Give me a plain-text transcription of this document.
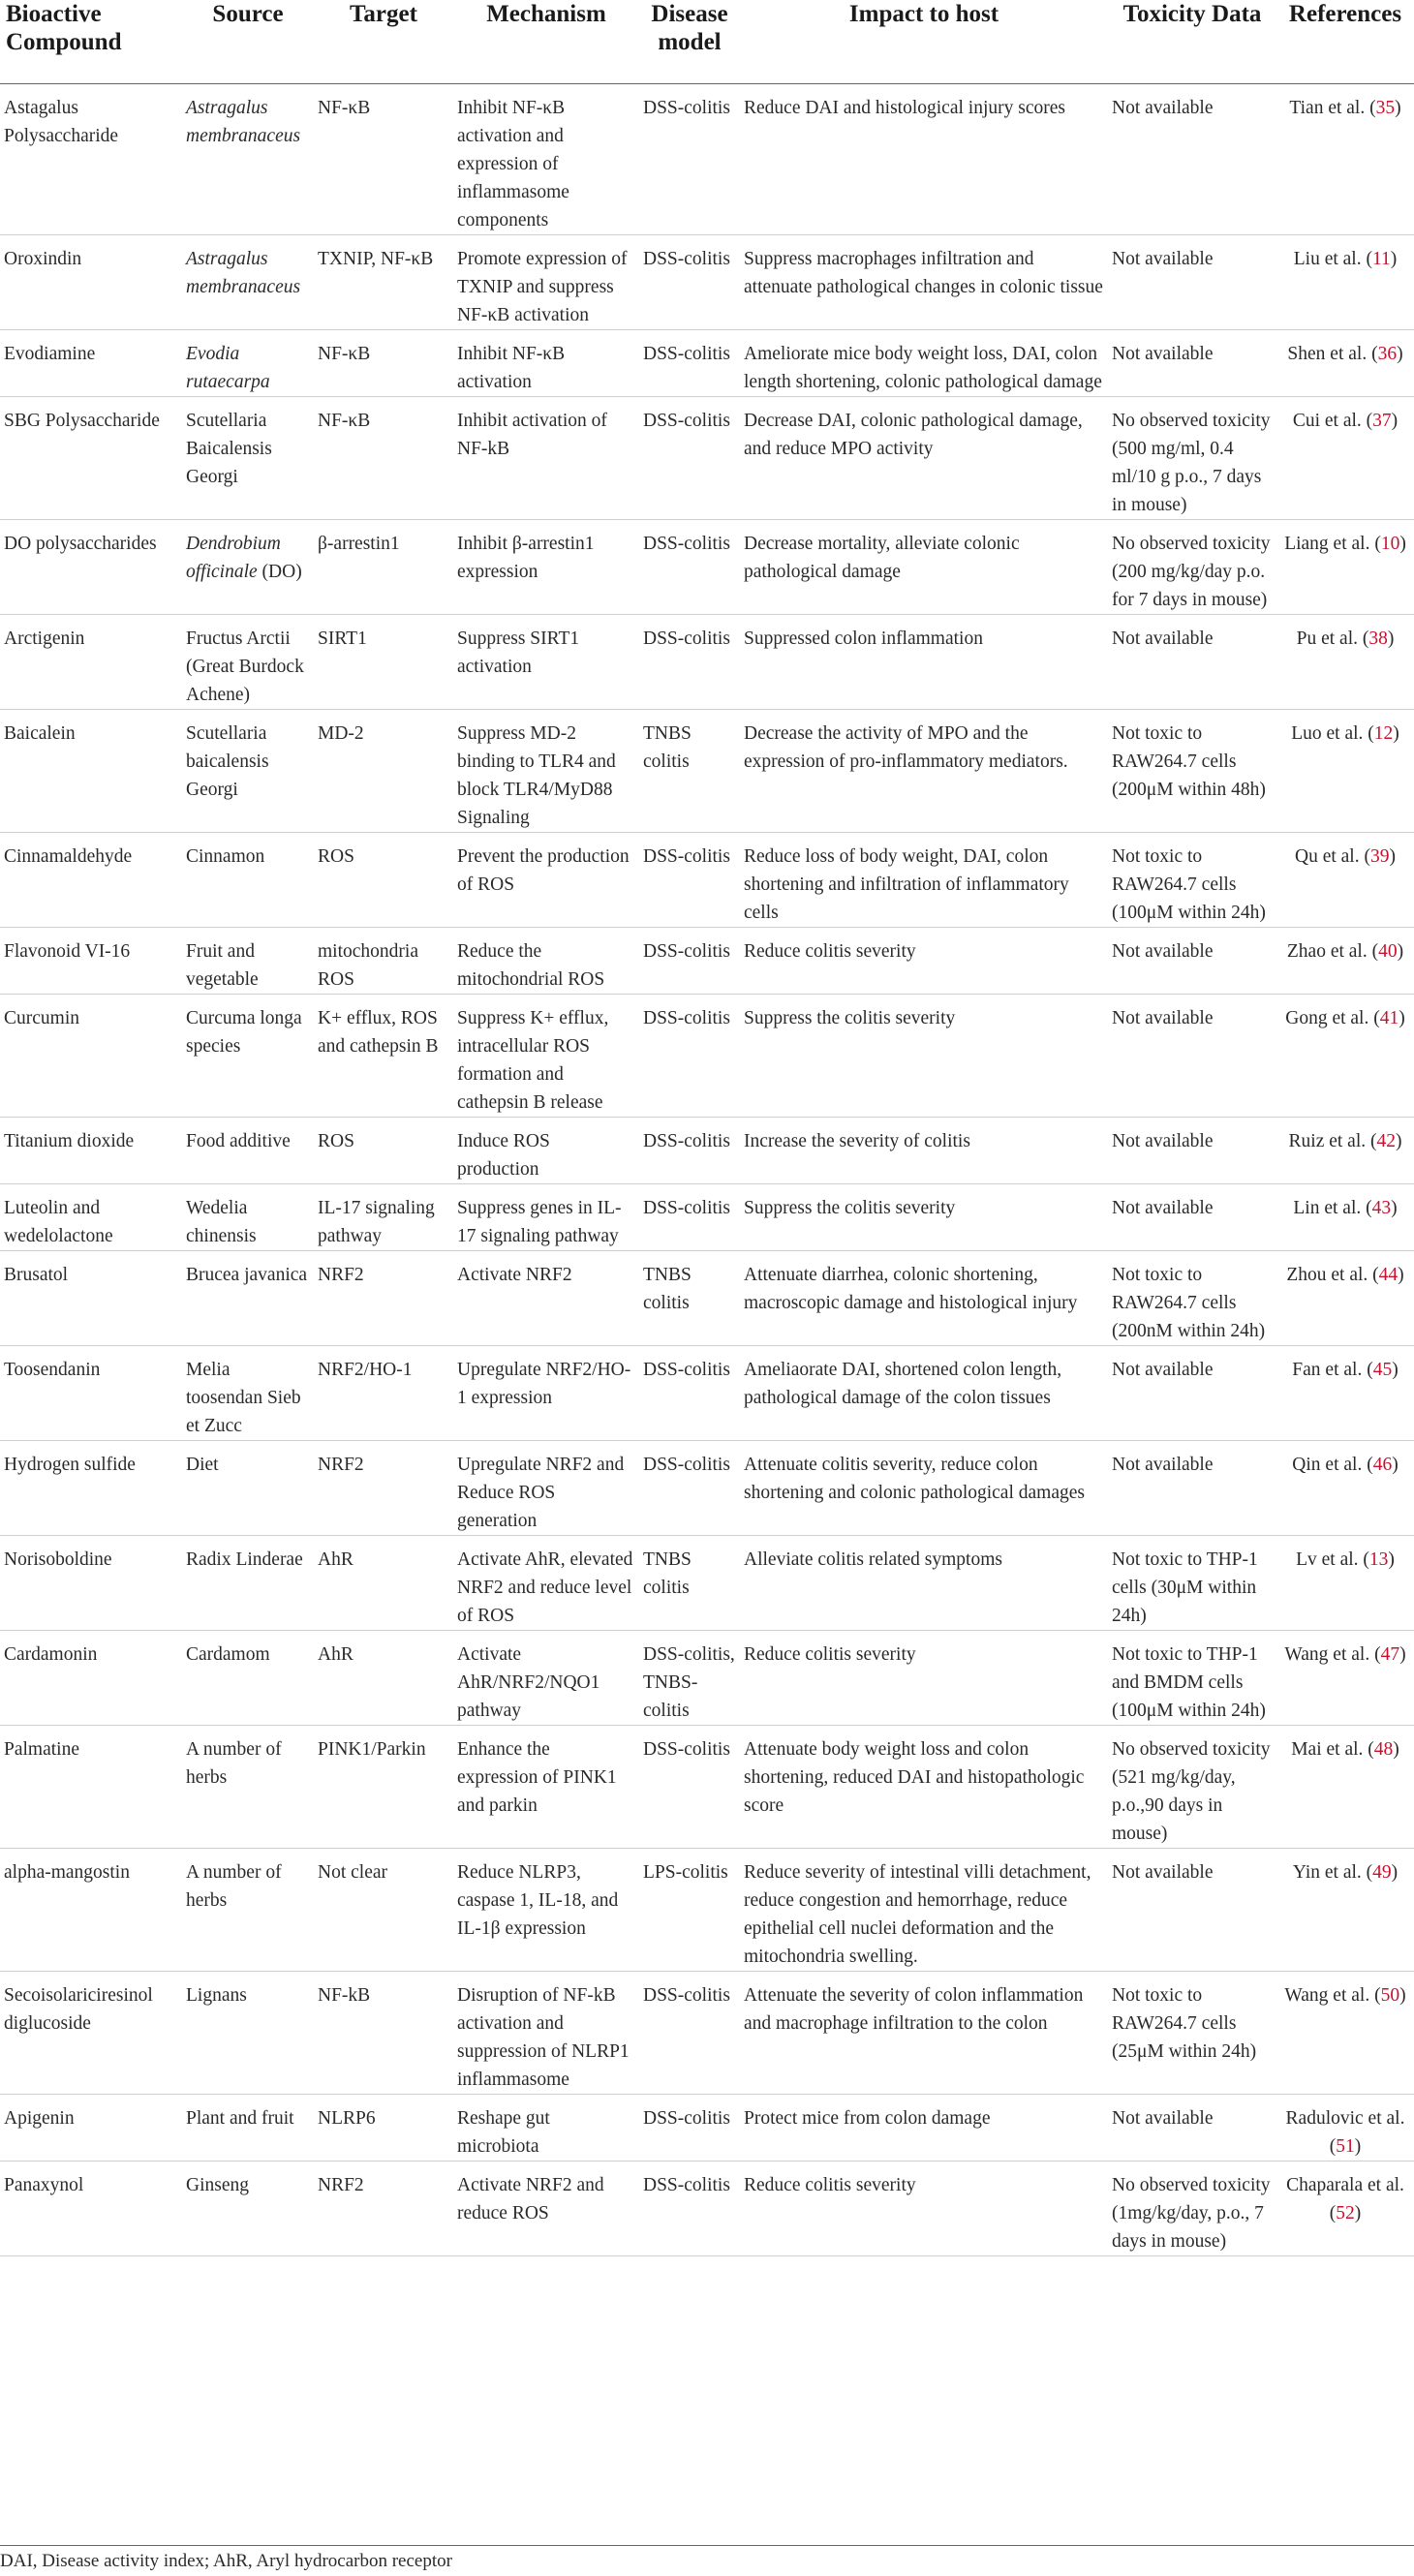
Bioactive Compound	Source	Target	Mechanism	Disease model	Impact to host	Toxicity Data	References

Astagalus Polysaccharide	Astragalus membranaceus	NF-κB	Inhibit NF-κB activation and expression of inflammasome components	DSS-colitis	Reduce DAI and histological injury scores	Not available	Tian et al. (35)

Oroxindin	Astragalus membranaceus	TXNIP, NF-κB	Promote expression of TXNIP and suppress NF-κB activation	DSS-colitis	Suppress macrophages infiltration and attenuate pathological changes in colonic tissue	Not available	Liu et al. (11)

Evodiamine	Evodia rutaecarpa	NF-κB	Inhibit NF-κB activation	DSS-colitis	Ameliorate mice body weight loss, DAI, colon length shortening, colonic pathological damage	Not available	Shen et al. (36)

SBG Polysaccharide	Scutellaria Baicalensis Georgi	NF-κB	Inhibit activation of NF-kB	DSS-colitis	Decrease DAI, colonic pathological damage, and reduce MPO activity	No observed toxicity (500 mg/ml, 0.4 ml/10 g p.o., 7 days in mouse)	Cui et al. (37)

DO polysaccharides	Dendrobium officinale (DO)	β-arrestin1	Inhibit β-arrestin1 expression	DSS-colitis	Decrease mortality, alleviate colonic pathological damage	No observed toxicity (200 mg/kg/day p.o. for 7 days in mouse)	Liang et al. (10)

Arctigenin	Fructus Arctii (Great Burdock Achene)	SIRT1	Suppress SIRT1 activation	DSS-colitis	Suppressed colon inflammation	Not available	Pu et al. (38)

Baicalein	Scutellaria baicalensis Georgi	MD-2	Suppress MD-2 binding to TLR4 and block TLR4/MyD88 Signaling	TNBS colitis	Decrease the activity of MPO and the expression of pro-inflammatory mediators.	Not toxic to RAW264.7 cells (200μM within 48h)	Luo et al. (12)

Cinnamaldehyde	Cinnamon	ROS	Prevent the production of ROS	DSS-colitis	Reduce loss of body weight, DAI, colon shortening and infiltration of inflammatory cells	Not toxic to RAW264.7 cells (100μM within 24h)	Qu et al. (39)

Flavonoid VI-16	Fruit and vegetable	mitochondria ROS	Reduce the mitochondrial ROS	DSS-colitis	Reduce colitis severity	Not available	Zhao et al. (40)

Curcumin	Curcuma longa species	K+ efflux, ROS and cathepsin B	Suppress K+ efflux, intracellular ROS formation and cathepsin B release	DSS-colitis	Suppress the colitis severity	Not available	Gong et al. (41)

Titanium dioxide	Food additive	ROS	Induce ROS production	DSS-colitis	Increase the severity of colitis	Not available	Ruiz et al. (42)

Luteolin and wedelolactone	Wedelia chinensis	IL-17 signaling pathway	Suppress genes in IL-17 signaling pathway	DSS-colitis	Suppress the colitis severity	Not available	Lin et al. (43)

Brusatol	Brucea javanica	NRF2	Activate NRF2	TNBS colitis	Attenuate diarrhea, colonic shortening, macroscopic damage and histological injury	Not toxic to RAW264.7 cells (200nM within 24h)	Zhou et al. (44)

Toosendanin	Melia toosendan Sieb et Zucc	NRF2/HO-1	Upregulate NRF2/HO-1 expression	DSS-colitis	Ameliaorate DAI, shortened colon length, pathological damage of the colon tissues	Not available	Fan et al. (45)

Hydrogen sulfide	Diet	NRF2	Upregulate NRF2 and Reduce ROS generation	DSS-colitis	Attenuate colitis severity, reduce colon shortening and colonic pathological damages	Not available	Qin et al. (46)

Norisoboldine	Radix Linderae	AhR	Activate AhR, elevated NRF2 and reduce level of ROS	TNBS colitis	Alleviate colitis related symptoms	Not toxic to THP-1 cells (30μM within 24h)	Lv et al. (13)

Cardamonin	Cardamom	AhR	Activate AhR/NRF2/NQO1 pathway	DSS-colitis, TNBS-colitis	Reduce colitis severity	Not toxic to THP-1 and BMDM cells (100μM within 24h)	Wang et al. (47)

Palmatine	A number of herbs	PINK1/Parkin	Enhance the expression of PINK1 and parkin	DSS-colitis	Attenuate body weight loss and colon shortening, reduced DAI and histopathologic score	No observed toxicity (521 mg/kg/day, p.o.,90 days in mouse)	Mai et al. (48)

alpha-mangostin	A number of herbs	Not clear	Reduce NLRP3, caspase 1, IL-18, and IL-1β expression	LPS-colitis	Reduce severity of intestinal villi detachment, reduce congestion and hemorrhage, reduce epithelial cell nuclei deformation and the mitochondria swelling.	Not available	Yin et al. (49)

Secoisolariciresinol diglucoside	Lignans	NF-kB	Disruption of NF-kB activation and suppression of NLRP1 inflammasome	DSS-colitis	Attenuate the severity of colon inflammation and macrophage infiltration to the colon	Not toxic to RAW264.7 cells (25μM within 24h)	Wang et al. (50)

Apigenin	Plant and fruit	NLRP6	Reshape gut microbiota	DSS-colitis	Protect mice from colon damage	Not available	Radulovic et al. (51)

Panaxynol	Ginseng	NRF2	Activate NRF2 and reduce ROS	DSS-colitis	Reduce colitis severity	No observed toxicity (1mg/kg/day, p.o., 7 days in mouse)	Chaparala et al. (52)
DAI, Disease activity index; AhR, Aryl hydrocarbon receptor
